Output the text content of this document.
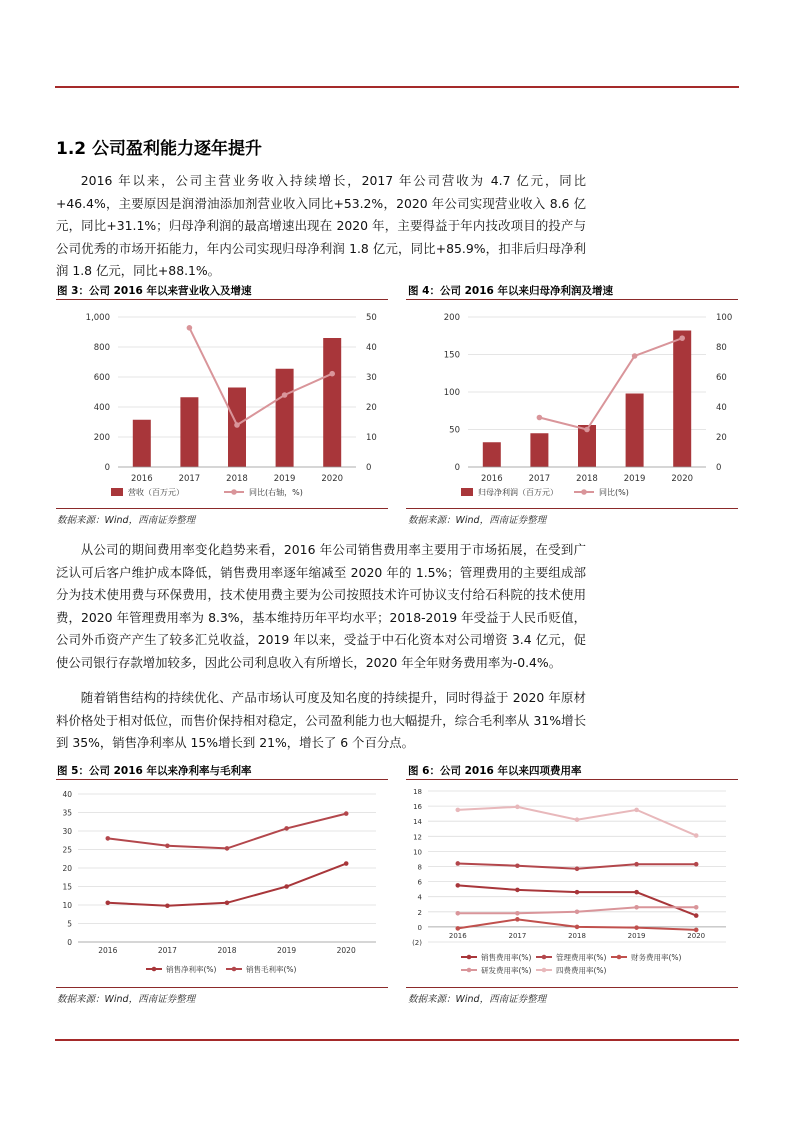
1.2 公司盈利能力逐年提升

2016 年以来，公司主营业务收入持续增长，2017 年公司营收为 4.7 亿元，同比+46.4%，主要原因是润滑油添加剂营业收入同比+53.2%，2020 年公司实现营业收入 8.6 亿元，同比+31.1%；归母净利润的最高增速出现在 2020 年，主要得益于年内技改项目的投产与公司优秀的市场开拓能力，年内公司实现归母净利润 1.8 亿元，同比+85.9%，扣非后归母净利润 1.8 亿元，同比+88.1%。

图 3：公司 2016 年以来营业收入及增速

0
200
400
600
800
1,000
0
10
20
30
40
50
2016	2017	2018	2019	2020
营收（百万元）	同比(右轴，%)

数据来源：Wind，西南证券整理

图 4：公司 2016 年以来归母净利润及增速

0
50
100
150
200
0
20
40
60
80
100
2016	2017	2018	2019	2020
归母净利润（百万元）	同比(%)

数据来源：Wind，西南证券整理

从公司的期间费用率变化趋势来看，2016 年公司销售费用率主要用于市场拓展，在受到广泛认可后客户维护成本降低，销售费用率逐年缩减至 2020 年的 1.5%；管理费用的主要组成部分为技术使用费与环保费用，技术使用费主要为公司按照技术许可协议支付给石科院的技术使用费，2020 年管理费用率为 8.3%，基本维持历年平均水平；2018-2019 年受益于人民币贬值，公司外币资产产生了较多汇兑收益，2019 年以来，受益于中石化资本对公司增资 3.4 亿元，促使公司银行存款增加较多，因此公司利息收入有所增长，2020 年全年财务费用率为-0.4%。

随着销售结构的持续优化、产品市场认可度及知名度的持续提升，同时得益于 2020 年原材料价格处于相对低位，而售价保持相对稳定，公司盈利能力也大幅提升，综合毛利率从 31%增长到 35%，销售净利率从 15%增长到 21%，增长了 6 个百分点。

图 5：公司 2016 年以来净利率与毛利率

0
5
10
15
20
25
30
35
40
2016	2017	2018	2019	2020
销售净利率(%)	销售毛利率(%)

数据来源：Wind，西南证券整理

图 6：公司 2016 年以来四项费用率

(2)
0
2
4
6
8
10
12
14
16
18
2016	2017	2018	2019	2020
销售费用率(%)	管理费用率(%)	财务费用率(%)
研发费用率(%)	四费费用率(%)

数据来源：Wind，西南证券整理
